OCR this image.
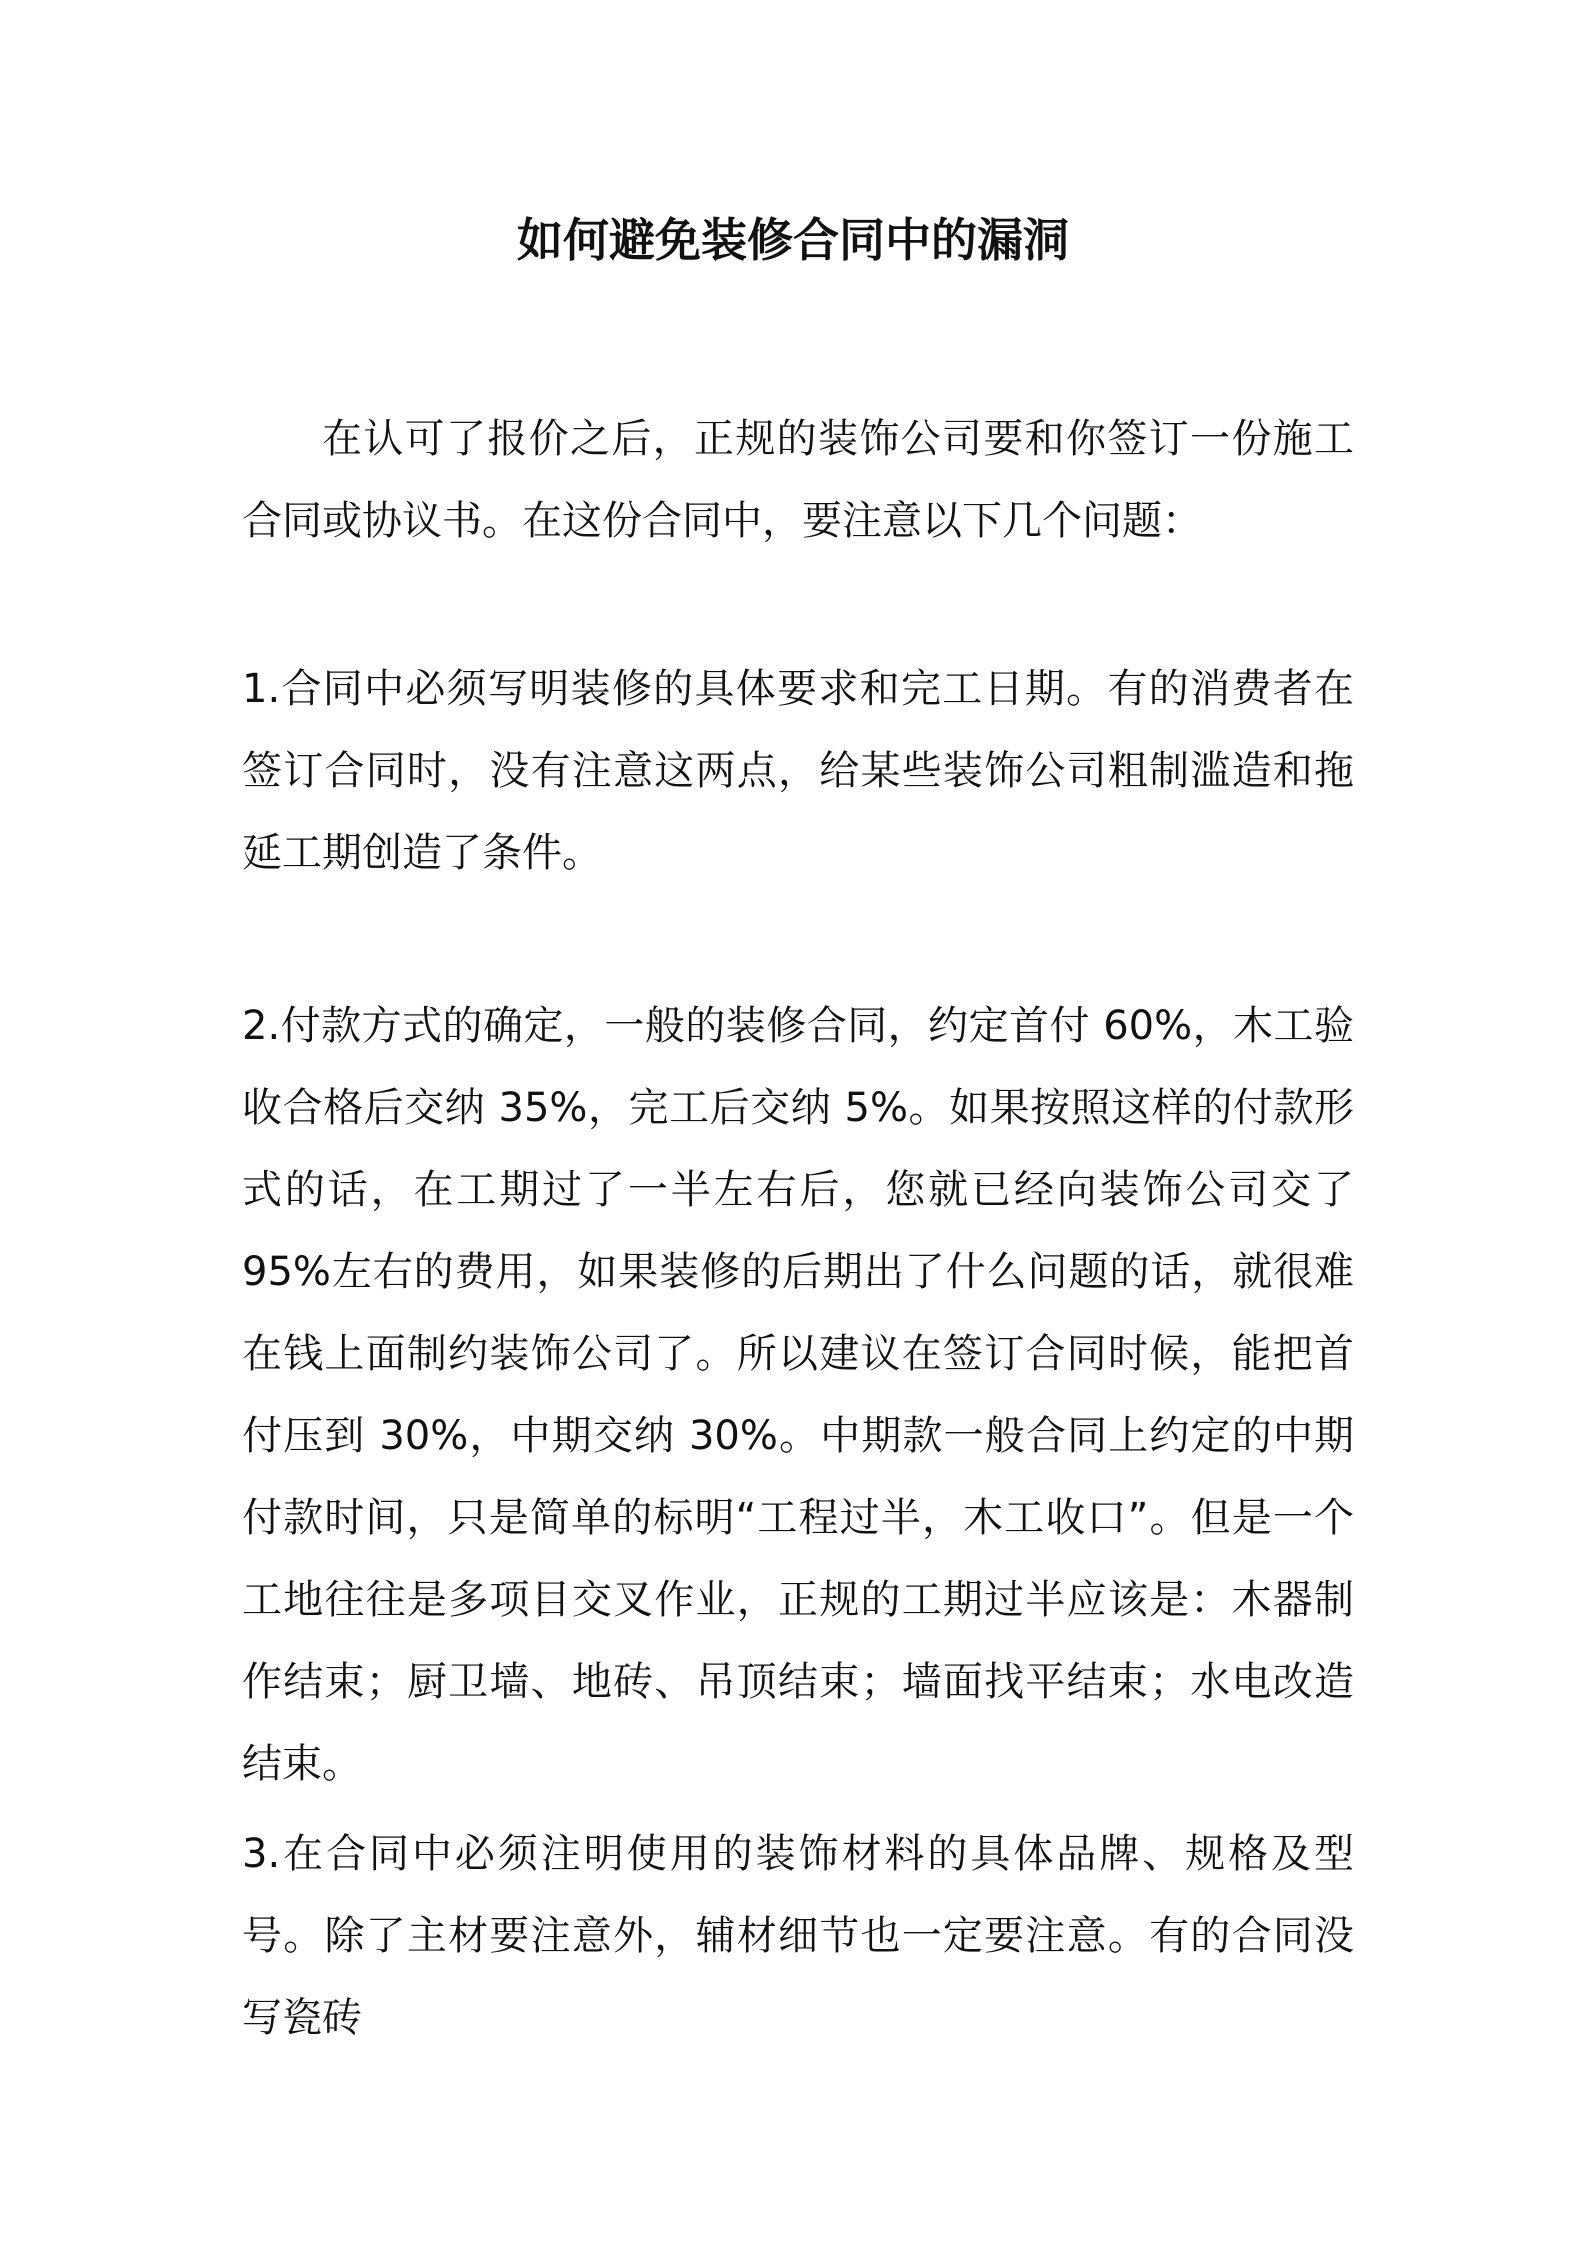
如何避免装修合同中的漏洞

在认可了报价之后，正规的装饰公司要和你签订一份施工合同或协议书。在这份合同中，要注意以下几个问题：

1.合同中必须写明装修的具体要求和完工日期。有的消费者在签订合同时，没有注意这两点，给某些装饰公司粗制滥造和拖延工期创造了条件。

2.付款方式的确定，一般的装修合同，约定首付 60%，木工验收合格后交纳 35%，完工后交纳 5%。如果按照这样的付款形式的话，在工期过了一半左右后，您就已经向装饰公司交了 95%左右的费用，如果装修的后期出了什么问题的话，就很难在钱上面制约装饰公司了。所以建议在签订合同时候，能把首付压到 30%，中期交纳 30%。中期款一般合同上约定的中期付款时间，只是简单的标明“工程过半，木工收口”。但是一个工地往往是多项目交叉作业，正规的工期过半应该是：木器制作结束；厨卫墙、地砖、吊顶结束；墙面找平结束；水电改造结束。

3.在合同中必须注明使用的装饰材料的具体品牌、规格及型号。除了主材要注意外，辅材细节也一定要注意。有的合同没写瓷砖
